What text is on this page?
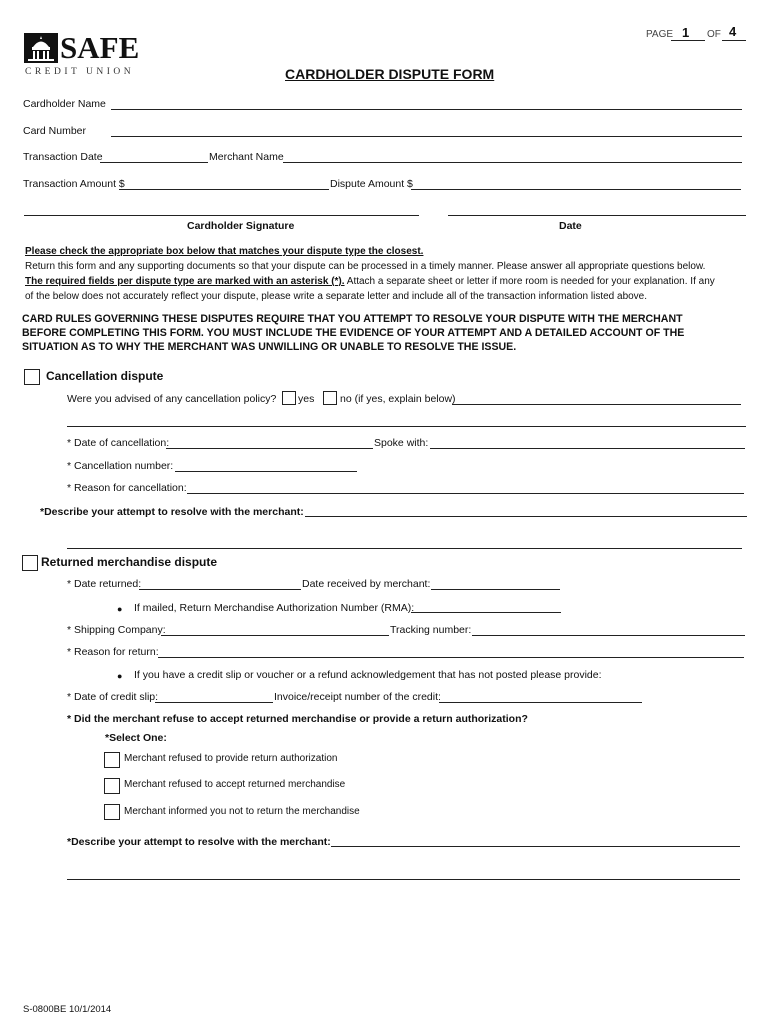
PAGE 1 OF 4
SAFE
CREDIT UNION	CARDHOLDER DISPUTE FORM
Cardholder Name
Card Number
Transaction Date	Merchant Name
Transaction Amount $	Dispute Amount $
Cardholder Signature	Date
Please check the appropriate box below that matches your dispute type the closest.
Return this form and any supporting documents so that your dispute can be processed in a timely manner. Please answer all appropriate questions below.
The required fields per dispute type are marked with an asterisk (*). Attach a separate sheet or letter if more room is needed for your explanation. If any
of the below does not accurately reflect your dispute, please write a separate letter and include all of the transaction information listed above.
CARD RULES GOVERNING THESE DISPUTES REQUIRE THAT YOU ATTEMPT TO RESOLVE YOUR DISPUTE WITH THE MERCHANT
BEFORE COMPLETING THIS FORM. YOU MUST INCLUDE THE EVIDENCE OF YOUR ATTEMPT AND A DETAILED ACCOUNT OF THE
SITUATION AS TO WHY THE MERCHANT WAS UNWILLING OR UNABLE TO RESOLVE THE ISSUE.
Cancellation dispute
Were you advised of any cancellation policy? yes no (if yes, explain below)
* Date of cancellation:	Spoke with:
* Cancellation number:
* Reason for cancellation:
*Describe your attempt to resolve with the merchant:
Returned merchandise dispute
* Date returned:	Date received by merchant:
● If mailed, Return Merchandise Authorization Number (RMA):
* Shipping Company:	Tracking number:
* Reason for return:
● If you have a credit slip or voucher or a refund acknowledgement that has not posted please provide:
* Date of credit slip:	Invoice/receipt number of the credit:
* Did the merchant refuse to accept returned merchandise or provide a return authorization?
*Select One:
Merchant refused to provide return authorization
Merchant refused to accept returned merchandise
Merchant informed you not to return the merchandise
*Describe your attempt to resolve with the merchant:
S-0800BE 10/1/2014
